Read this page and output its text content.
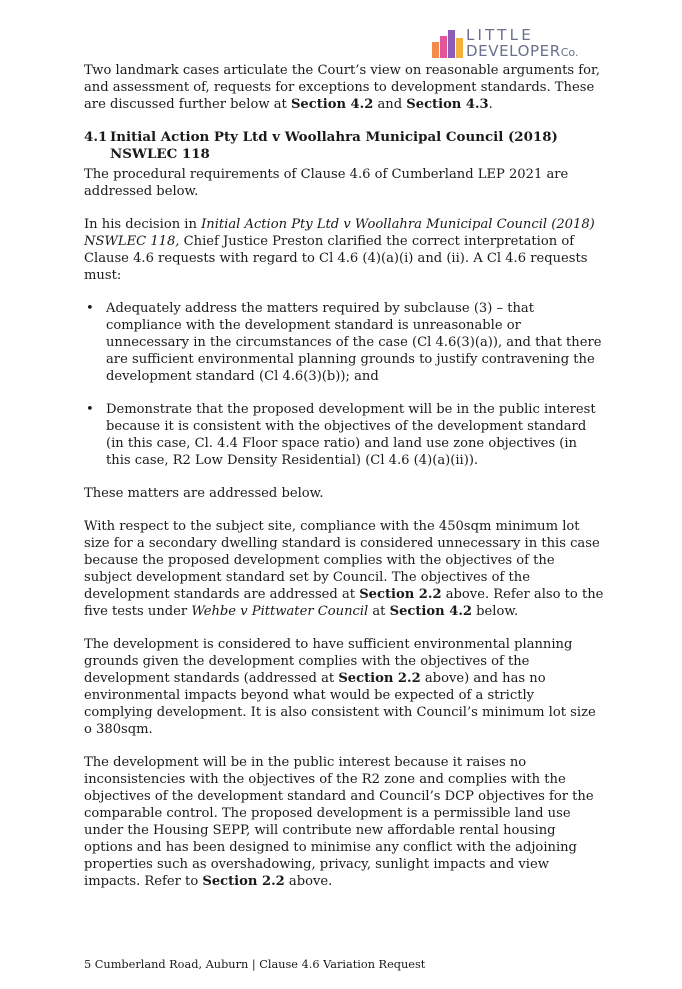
LITTLE
DEVELOPERCo.

Two landmark cases articulate the Court’s view on reasonable arguments for, and assessment of, requests for exceptions to development standards. These are discussed further below at Section 4.2 and Section 4.3.

4.1 Initial Action Pty Ltd v Woollahra Municipal Council (2018) NSWLEC 118

The procedural requirements of Clause 4.6 of Cumberland LEP 2021 are addressed below.

In his decision in Initial Action Pty Ltd v Woollahra Municipal Council (2018) NSWLEC 118, Chief Justice Preston clarified the correct interpretation of Clause 4.6 requests with regard to Cl 4.6 (4)(a)(i) and (ii). A Cl 4.6 requests must:

• Adequately address the matters required by subclause (3) – that compliance with the development standard is unreasonable or unnecessary in the circumstances of the case (Cl 4.6(3)(a)), and that there are sufficient environmental planning grounds to justify contravening the development standard (Cl 4.6(3)(b)); and
• Demonstrate that the proposed development will be in the public interest because it is consistent with the objectives of the development standard (in this case, Cl. 4.4 Floor space ratio) and land use zone objectives (in this case, R2 Low Density Residential) (Cl 4.6 (4)(a)(ii)).

These matters are addressed below.

With respect to the subject site, compliance with the 450sqm minimum lot size for a secondary dwelling standard is considered unnecessary in this case because the proposed development complies with the objectives of the subject development standard set by Council. The objectives of the development standards are addressed at Section 2.2 above. Refer also to the five tests under Wehbe v Pittwater Council at Section 4.2 below.

The development is considered to have sufficient environmental planning grounds given the development complies with the objectives of the development standards (addressed at Section 2.2 above) and has no environmental impacts beyond what would be expected of a strictly complying development. It is also consistent with Council’s minimum lot size o 380sqm.

The development will be in the public interest because it raises no inconsistencies with the objectives of the R2 zone and complies with the objectives of the development standard and Council’s DCP objectives for the comparable control. The proposed development is a permissible land use under the Housing SEPP, will contribute new affordable rental housing options and has been designed to minimise any conflict with the adjoining properties such as overshadowing, privacy, sunlight impacts and view impacts. Refer to Section 2.2 above.

5 Cumberland Road, Auburn | Clause 4.6 Variation Request
